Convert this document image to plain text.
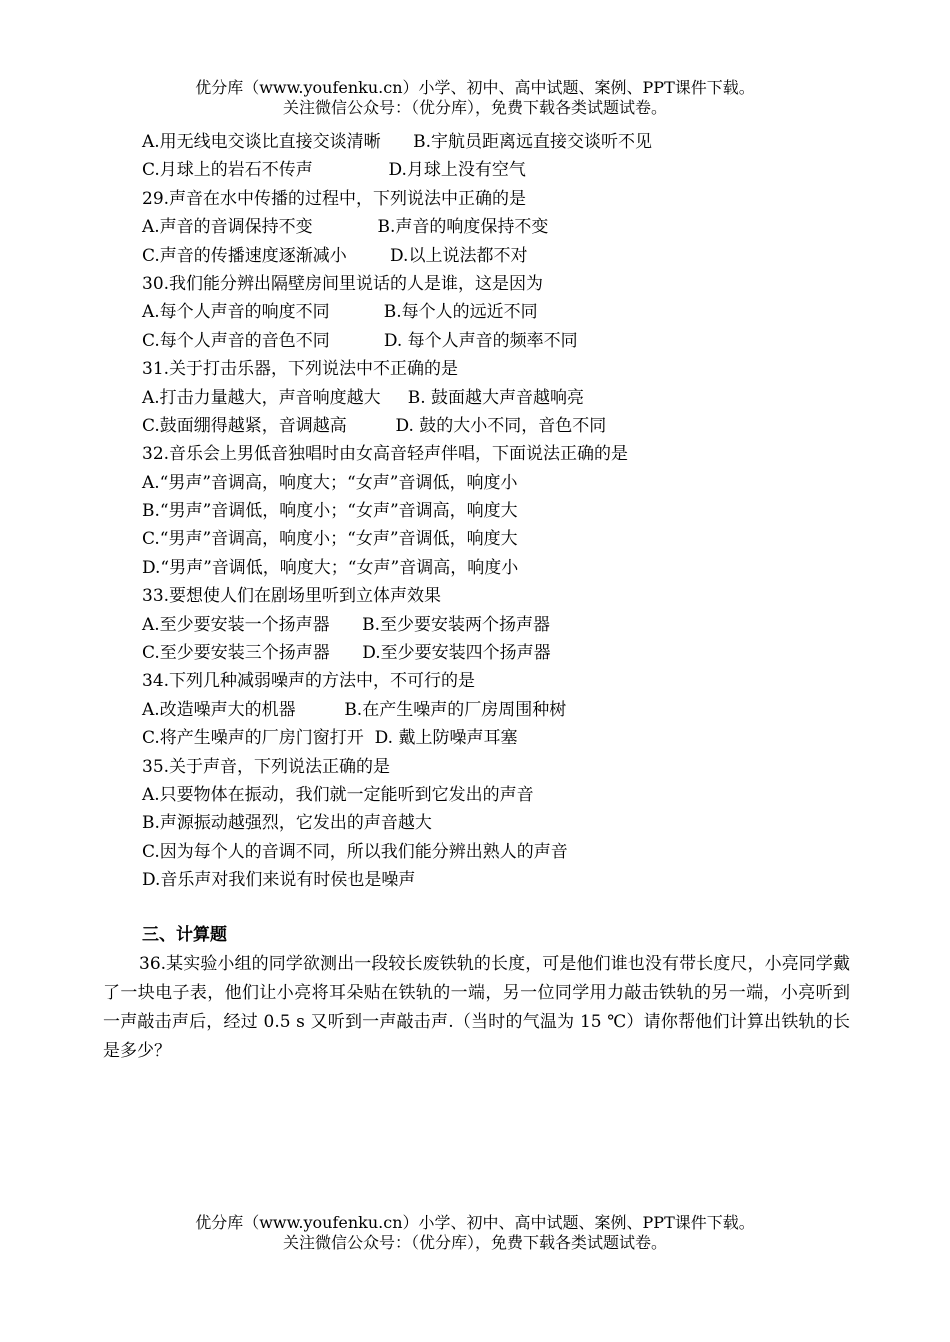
优分库（www.youfenku.cn）小学、初中、高中试题、案例、PPT课件下载。
关注微信公众号：（优分库），免费下载各类试题试卷。
A.用无线电交谈比直接交谈清晰      B.宇航员距离远直接交谈听不见
C.月球上的岩石不传声              D.月球上没有空气
29.声音在水中传播的过程中，下列说法中正确的是
A.声音的音调保持不变            B.声音的响度保持不变
C.声音的传播速度逐渐减小        D.以上说法都不对
30.我们能分辨出隔壁房间里说话的人是谁，这是因为
A.每个人声音的响度不同          B.每个人的远近不同
C.每个人声音的音色不同          D. 每个人声音的频率不同
31.关于打击乐器，下列说法中不正确的是
A.打击力量越大，声音响度越大     B. 鼓面越大声音越响亮
C.鼓面绷得越紧，音调越高         D. 鼓的大小不同，音色不同
32.音乐会上男低音独唱时由女高音轻声伴唱，下面说法正确的是
A.“男声”音调高，响度大；“女声”音调低，响度小
B.“男声”音调低，响度小；“女声”音调高，响度大
C.“男声”音调高，响度小；“女声”音调低，响度大
D.“男声”音调低，响度大；“女声”音调高，响度小
33.要想使人们在剧场里听到立体声效果
A.至少要安装一个扬声器      B.至少要安装两个扬声器
C.至少要安装三个扬声器      D.至少要安装四个扬声器
34.下列几种减弱噪声的方法中，不可行的是
A.改造噪声大的机器         B.在产生噪声的厂房周围种树
C.将产生噪声的厂房门窗打开  D. 戴上防噪声耳塞
35.关于声音，下列说法正确的是
A.只要物体在振动，我们就一定能听到它发出的声音
B.声源振动越强烈，它发出的声音越大
C.因为每个人的音调不同，所以我们能分辨出熟人的声音
D.音乐声对我们来说有时侯也是噪声
三、计算题
36.某实验小组的同学欲测出一段较长废铁轨的长度，可是他们谁也没有带长度尺，小亮同学戴了一块电子表，他们让小亮将耳朵贴在铁轨的一端，另一位同学用力敲击铁轨的另一端，小亮听到一声敲击声后，经过 0.5 s 又听到一声敲击声.（当时的气温为 15 ℃）请你帮他们计算出铁轨的长是多少？
优分库（www.youfenku.cn）小学、初中、高中试题、案例、PPT课件下载。
关注微信公众号：（优分库），免费下载各类试题试卷。
